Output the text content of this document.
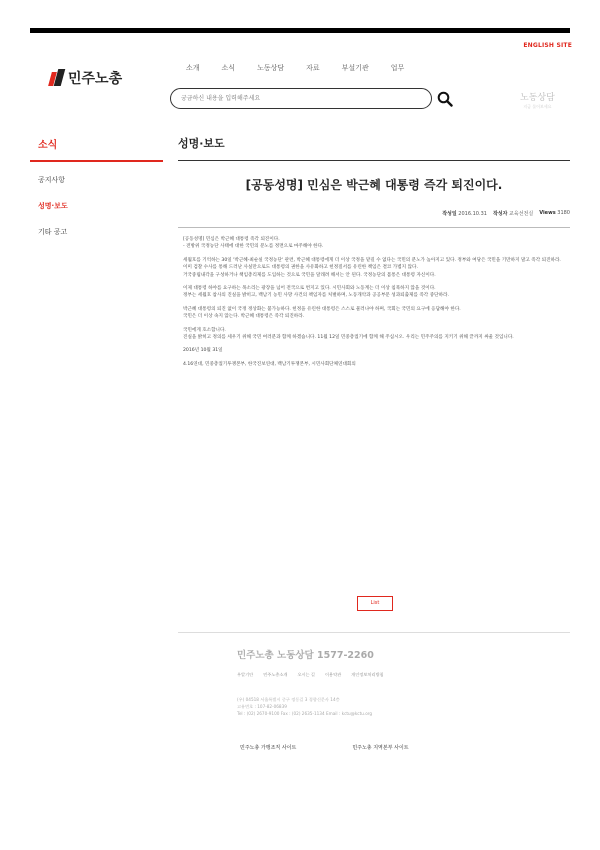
ENGLISH SITE
민주노총
소개	소식	노동상담	자료	부설기관	업무
궁금하신 내용을 입력해주세요
노동상담
지금 물어보세요
소식
공지사항
성명·보도
기타 공고
성명·보도
[공동성명] 민심은 박근혜 대통령 즉각 퇴진이다.
작성일 2016.10.31 작성자 교육선전실 Views 3180

[공동성명] 민심은 박근혜 대통령 즉각 퇴진이다.
- 전방위 국정농단 사태에 대한 국민의 분노를 정면으로 마주해야 한다.

세월호를 기억하는 30일 '박근혜-최순실 국정농단' 관련, 박근혜 대통령에게 더 이상 국정을 맡길 수 없다는 국민의 분노가 높아지고 있다. 정부와 여당은 국민을 기만하지 말고 즉각 퇴진하라.
이미 검찰 수사를 통해 드러난 사실만으로도 대통령의 권한을 사유화하고 헌정질서를 유린한 책임은 결코 가볍지 않다.
거국중립내각을 구성하거나 책임총리제를 도입하는 것으로 국민을 달래려 해서는 안 된다. 국정농단의 몸통은 대통령 자신이다.

이제 대통령 하야를 요구하는 목소리는 광장을 넘어 전국으로 번지고 있다. 시민사회와 노동계는 더 이상 침묵하지 않을 것이다.
정부는 세월호 참사의 진실을 밝히고, 백남기 농민 사망 사건의 책임자를 처벌하며, 노동개악과 공공부문 성과퇴출제를 즉각 중단하라.

박근혜 대통령의 퇴진 없이 국정 정상화는 불가능하다. 헌정을 유린한 대통령은 스스로 물러나야 하며, 국회는 국민의 요구에 응답해야 한다.
국민은 더 이상 속지 않는다. 박근혜 대통령은 즉각 퇴진하라.

국민에게 호소합니다.
진실을 밝히고 정의를 세우기 위해 국민 여러분과 함께 하겠습니다. 11월 12일 민중총궐기에 함께 해 주십시오. 우리는 민주주의를 지키기 위해 끝까지 싸울 것입니다.

2016년 10월 31일

4.16연대, 민중총궐기투쟁본부, 한국진보연대, 백남기투쟁본부, 시민사회단체연대회의

List
민주노총 노동상담 1577-2260
우알기안 민주노총소개 오시는 길 이용약관 개인정보처리방침
(우) 04518 서울특별시 중구 정동길 3 경향신문사 14층
고유번호 : 107-82-06839
Tel : (02) 2670-9100 Fax : (02) 2635-1134 Email : kctu@kctu.org
민주노총 가맹조직 사이트	민주노총 지역본부 사이트
